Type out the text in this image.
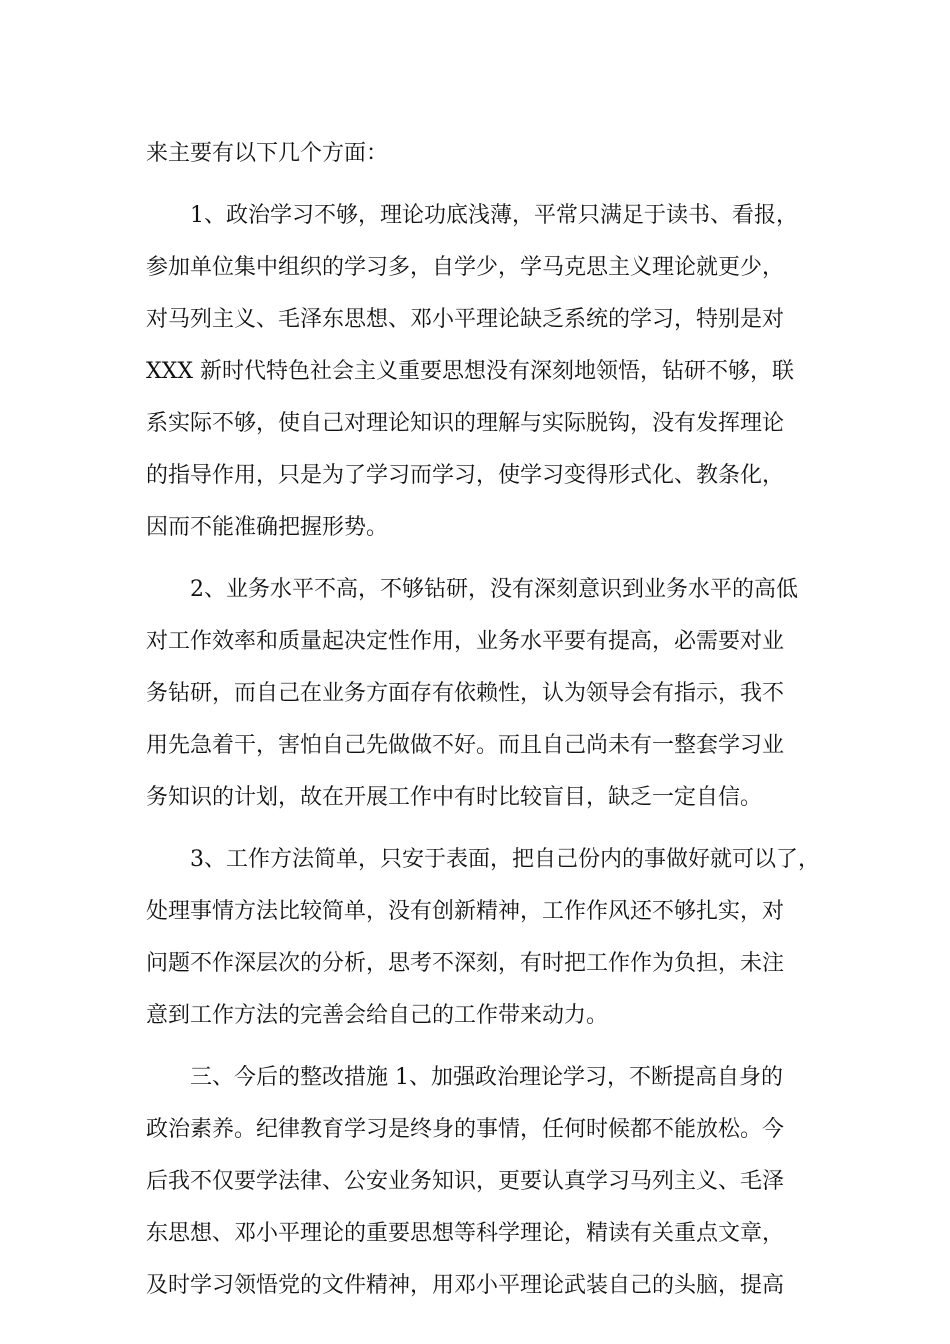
来主要有以下几个方面：
1、政治学习不够，理论功底浅薄，平常只满足于读书、看报，
参加单位集中组织的学习多，自学少，学马克思主义理论就更少，
对马列主义、毛泽东思想、邓小平理论缺乏系统的学习，特别是对
XXX 新时代特色社会主义重要思想没有深刻地领悟，钻研不够，联
系实际不够，使自己对理论知识的理解与实际脱钩，没有发挥理论
的指导作用，只是为了学习而学习，使学习变得形式化、教条化，
因而不能准确把握形势。
2、业务水平不高，不够钻研，没有深刻意识到业务水平的高低
对工作效率和质量起决定性作用，业务水平要有提高，必需要对业
务钻研，而自己在业务方面存有依赖性，认为领导会有指示，我不
用先急着干，害怕自己先做做不好。而且自己尚未有一整套学习业
务知识的计划，故在开展工作中有时比较盲目，缺乏一定自信。
3、工作方法简单，只安于表面，把自己份内的事做好就可以了，
处理事情方法比较简单，没有创新精神，工作作风还不够扎实，对
问题不作深层次的分析，思考不深刻，有时把工作作为负担，未注
意到工作方法的完善会给自己的工作带来动力。
三、今后的整改措施 1、加强政治理论学习，不断提高自身的
政治素养。纪律教育学习是终身的事情，任何时候都不能放松。今
后我不仅要学法律、公安业务知识，更要认真学习马列主义、毛泽
东思想、邓小平理论的重要思想等科学理论，精读有关重点文章，
及时学习领悟党的文件精神，用邓小平理论武装自己的头脑，提高
